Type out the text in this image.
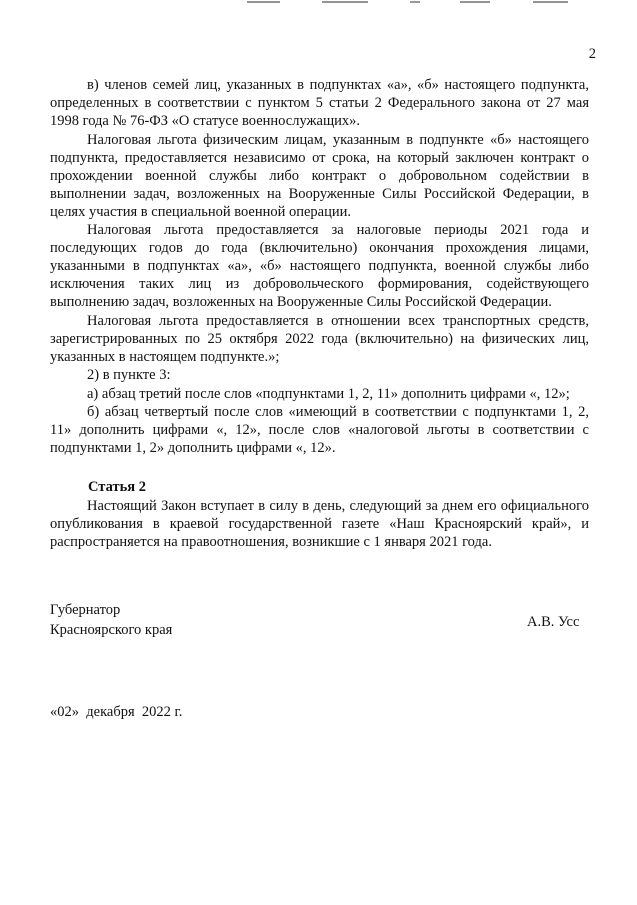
2

в) членов семей лиц, указанных в подпунктах «а», «б» настоящего подпункта, определенных в соответствии с пунктом 5 статьи 2 Федерального закона от 27 мая 1998 года № 76-ФЗ «О статусе военнослужащих».

Налоговая льгота физическим лицам, указанным в подпункте «б» настоящего подпункта, предоставляется независимо от срока, на который заключен контракт о прохождении военной службы либо контракт о добровольном содействии в выполнении задач, возложенных на Вооруженные Силы Российской Федерации, в целях участия в специальной военной операции.

Налоговая льгота предоставляется за налоговые периоды 2021 года и последующих годов до года (включительно) окончания прохождения лицами, указанными в подпунктах «а», «б» настоящего подпункта, военной службы либо исключения таких лиц из добровольческого формирования, содействующего выполнению задач, возложенных на Вооруженные Силы Российской Федерации.

Налоговая льгота предоставляется в отношении всех транспортных средств, зарегистрированных по 25 октября 2022 года (включительно) на физических лиц, указанных в настоящем подпункте.»;

2) в пункте 3:

а) абзац третий после слов «подпунктами 1, 2, 11» дополнить цифрами «, 12»;

б) абзац четвертый после слов «имеющий в соответствии с подпунктами 1, 2, 11» дополнить цифрами «, 12», после слов «налоговой льготы в соответствии с подпунктами 1, 2» дополнить цифрами «, 12».

Статья 2

Настоящий Закон вступает в силу в день, следующий за днем его официального опубликования в краевой государственной газете «Наш Красноярский край», и распространяется на правоотношения, возникшие с 1 января 2021 года.

Губернатор
Красноярского края	А.В. Усс
«02»  декабря  2022 г.
